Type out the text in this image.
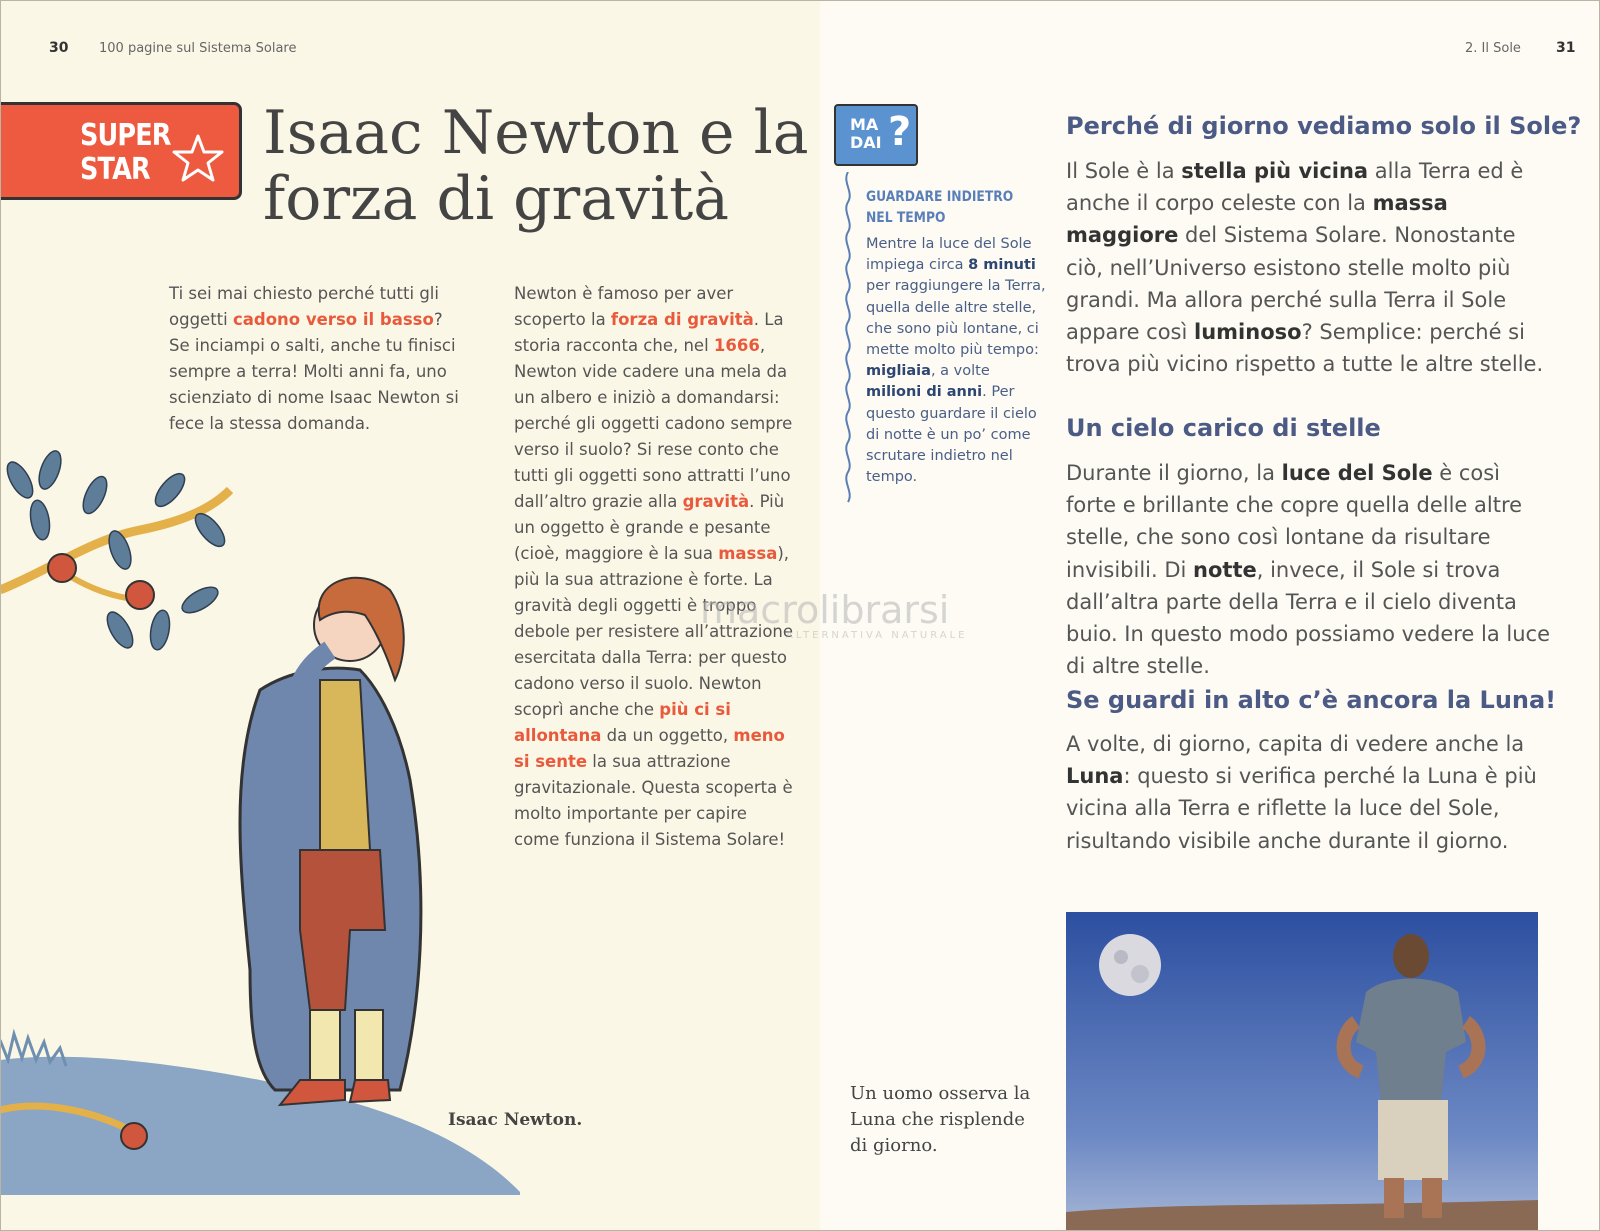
30 100 pagine sul Sistema Solare	2. Il Sole	31
SUPER
STAR
Isaac Newton e la
forza di gravità

Ti sei mai chiesto perché tutti gli oggetti cadono verso il basso? Se inciampi o salti, anche tu finisci sempre a terra! Molti anni fa, uno scienziato di nome Isaac Newton si fece la stessa domanda.

Newton è famoso per aver scoperto la forza di gravità. La storia racconta che, nel 1666, Newton vide cadere una mela da un albero e iniziò a domandarsi: perché gli oggetti cadono sempre verso il suolo? Si rese conto che tutti gli oggetti sono attratti l’uno dall’altro grazie alla gravità. Più un oggetto è grande e pesante (cioè, maggiore è la sua massa), più la sua attrazione è forte. La gravità degli oggetti è troppo debole per resistere all’attrazione esercitata dalla Terra: per questo cadono verso il suolo. Newton scoprì anche che più ci si allontana da un oggetto, meno si sente la sua attrazione gravitazionale. Questa scoperta è molto importante per capire come funziona il Sistema Solare!

Isaac Newton.
macrolibrarsi
ALTERNATIVA NATURALE
MA
DAI ?
GUARDARE INDIETRO
NEL TEMPO
Mentre la luce del Sole impiega circa 8 minuti per raggiungere la Terra, quella delle altre stelle, che sono più lontane, ci mette molto più tempo: migliaia, a volte milioni di anni. Per questo guardare il cielo di notte è un po’ come scrutare indietro nel tempo.
Perché di giorno vediamo solo il Sole?
Il Sole è la stella più vicina alla Terra ed è anche il corpo celeste con la massa maggiore del Sistema Solare. Nonostante ciò, nell’Universo esistono stelle molto più grandi. Ma allora perché sulla Terra il Sole appare così luminoso? Semplice: perché si trova più vicino rispetto a tutte le altre stelle.
Un cielo carico di stelle
Durante il giorno, la luce del Sole è così forte e brillante che copre quella delle altre stelle, che sono così lontane da risultare invisibili. Di notte, invece, il Sole si trova dall’altra parte della Terra e il cielo diventa buio. In questo modo possiamo vedere la luce di altre stelle.
Se guardi in alto c’è ancora la Luna!
A volte, di giorno, capita di vedere anche la Luna: questo si verifica perché la Luna è più vicina alla Terra e riflette la luce del Sole, risultando visibile anche durante il giorno.
Un uomo osserva la Luna che risplende di giorno.
